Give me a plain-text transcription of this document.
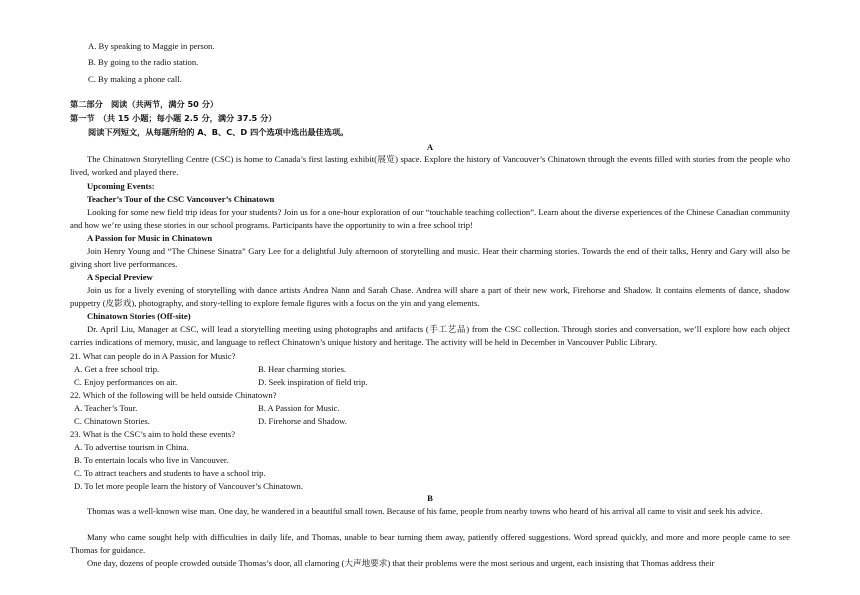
A. By speaking to Maggie in person.
B. By going to the radio station.
C. By making a phone call.
第二部分　阅读（共两节，满分 50 分）
第一节　（共 15 小题；每小题 2.5 分，满分 37.5 分）
阅读下列短文，从每题所给的 A、B、C、D 四个选项中选出最佳选项。
A
The Chinatown Storytelling Centre (CSC) is home to Canada’s first lasting exhibit(展览) space. Explore the history of Vancouver’s Chinatown through the events filled with stories from the people who lived, worked and played there.
Upcoming Events:
Teacher’s Tour of the CSC Vancouver’s Chinatown
Looking for some new field trip ideas for your students? Join us for a one-hour exploration of our “touchable teaching collection”. Learn about the diverse experiences of the Chinese Canadian community and how we’re using these stories in our school programs. Participants have the opportunity to win a free school trip!
A Passion for Music in Chinatown
Join Henry Young and “The Chinese Sinatra” Gary Lee for a delightful July afternoon of storytelling and music. Hear their charming stories. Towards the end of their talks, Henry and Gary will also be giving short live performances.
A Special Preview
Join us for a lively evening of storytelling with dance artists Andrea Nann and Sarah Chase. Andrea will share a part of their new work, Firehorse and Shadow. It contains elements of dance, shadow puppetry (皮影戏), photography, and story-telling to explore female figures with a focus on the yin and yang elements.
Chinatown Stories (Off-site)
Dr. April Liu, Manager at CSC, will lead a storytelling meeting using photographs and artifacts (手工艺品) from the CSC collection. Through stories and conversation, we’ll explore how each object carries indications of memory, music, and language to reflect Chinatown’s unique history and heritage. The activity will be held in December in Vancouver Public Library.
21. What can people do in A Passion for Music?
A. Get a free school trip.	B. Hear charming stories.
C. Enjoy performances on air.	D. Seek inspiration of field trip.
22. Which of the following will be held outside Chinatown?
A. Teacher’s Tour.	B. A Passion for Music.
C. Chinatown Stories.	D. Firehorse and Shadow.
23. What is the CSC’s aim to hold these events?
A. To advertise tourism in China.
B. To entertain locals who live in Vancouver.
C. To attract teachers and students to have a school trip.
D. To let more people learn the history of Vancouver’s Chinatown.
B
Thomas was a well-known wise man. One day, he wandered in a beautiful small town. Because of his fame, people from nearby towns who heard of his arrival all came to visit and seek his advice.
Many who came sought help with difficulties in daily life, and Thomas, unable to bear turning them away, patiently offered suggestions. Word spread quickly, and more and more people came to see Thomas for guidance.
One day, dozens of people crowded outside Thomas’s door, all clamoring (大声地要求) that their problems were the most serious and urgent, each insisting that Thomas address their
